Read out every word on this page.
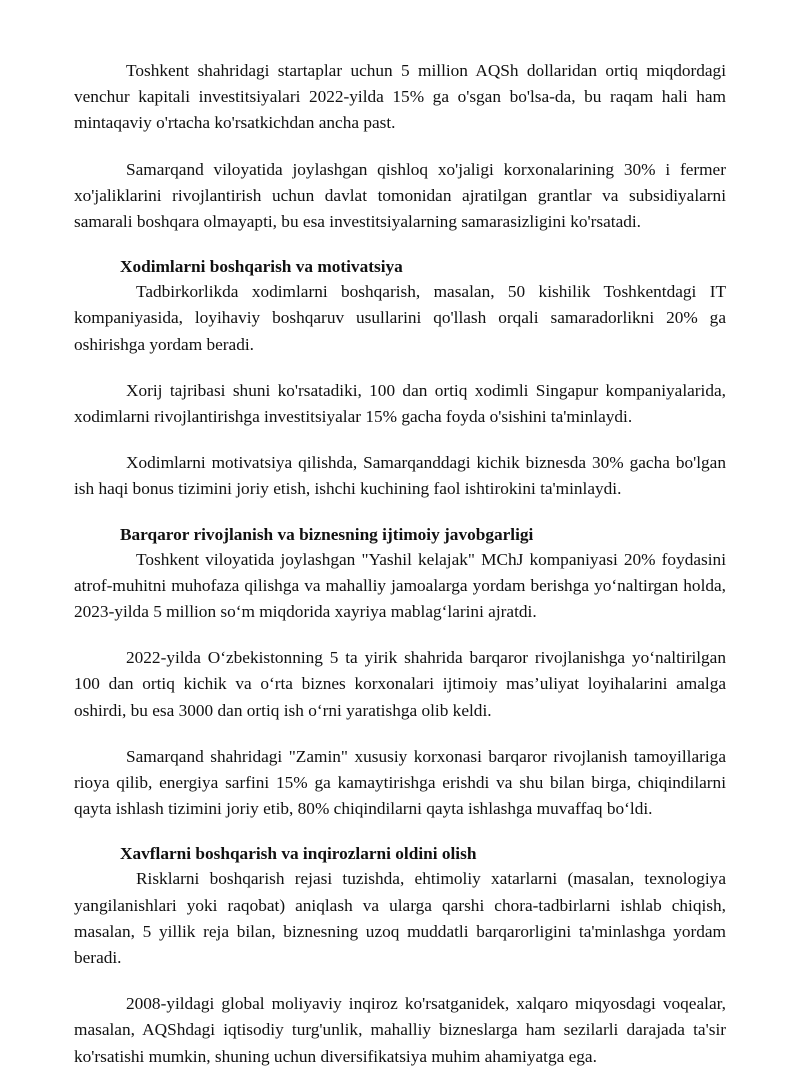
Toshkent shahridagi startaplar uchun 5 million AQSh dollaridan ortiq miqdordagi venchur kapitali investitsiyalari 2022-yilda 15% ga o'sgan bo'lsa-da, bu raqam hali ham mintaqaviy o'rtacha ko'rsatkichdan ancha past.

Samarqand viloyatida joylashgan qishloq xo'jaligi korxonalarining 30% i fermer xo'jaliklarini rivojlantirish uchun davlat tomonidan ajratilgan grantlar va subsidiyalarni samarali boshqara olmayapti, bu esa investitsiyalarning samarasizligini ko'rsatadi.

Xodimlarni boshqarish va motivatsiya

Tadbirkorlikda xodimlarni boshqarish, masalan, 50 kishilik Toshkentdagi IT kompaniyasida, loyihaviy boshqaruv usullarini qo'llash orqali samaradorlikni 20% ga oshirishga yordam beradi.

Xorij tajribasi shuni ko'rsatadiki, 100 dan ortiq xodimli Singapur kompaniyalarida, xodimlarni rivojlantirishga investitsiyalar 15% gacha foyda o'sishini ta'minlaydi.

Xodimlarni motivatsiya qilishda, Samarqanddagi kichik biznesda 30% gacha bo'lgan ish haqi bonus tizimini joriy etish, ishchi kuchining faol ishtirokini ta'minlaydi.

Barqaror rivojlanish va biznesning ijtimoiy javobgarligi

Toshkent viloyatida joylashgan "Yashil kelajak" MChJ kompaniyasi 20% foydasini atrof-muhitni muhofaza qilishga va mahalliy jamoalarga yordam berishga yo‘naltirgan holda, 2023-yilda 5 million so‘m miqdorida xayriya mablag‘larini ajratdi.

2022-yilda O‘zbekistonning 5 ta yirik shahrida barqaror rivojlanishga yo‘naltirilgan 100 dan ortiq kichik va o‘rta biznes korxonalari ijtimoiy mas’uliyat loyihalarini amalga oshirdi, bu esa 3000 dan ortiq ish o‘rni yaratishga olib keldi.

Samarqand shahridagi "Zamin" xususiy korxonasi barqaror rivojlanish tamoyillariga rioya qilib, energiya sarfini 15% ga kamaytirishga erishdi va shu bilan birga, chiqindilarni qayta ishlash tizimini joriy etib, 80% chiqindilarni qayta ishlashga muvaffaq bo‘ldi.

Xavflarni boshqarish va inqirozlarni oldini olish

Risklarni boshqarish rejasi tuzishda, ehtimoliy xatarlarni (masalan, texnologiya yangilanishlari yoki raqobat) aniqlash va ularga qarshi chora-tadbirlarni ishlab chiqish, masalan, 5 yillik reja bilan, biznesning uzoq muddatli barqarorligini ta'minlashga yordam beradi.

2008-yildagi global moliyaviy inqiroz ko'rsatganidek, xalqaro miqyosdagi voqealar, masalan, AQShdagi iqtisodiy turg'unlik, mahalliy bizneslarga ham sezilarli darajada ta'sir ko'rsatishi mumkin, shuning uchun diversifikatsiya muhim ahamiyatga ega.
